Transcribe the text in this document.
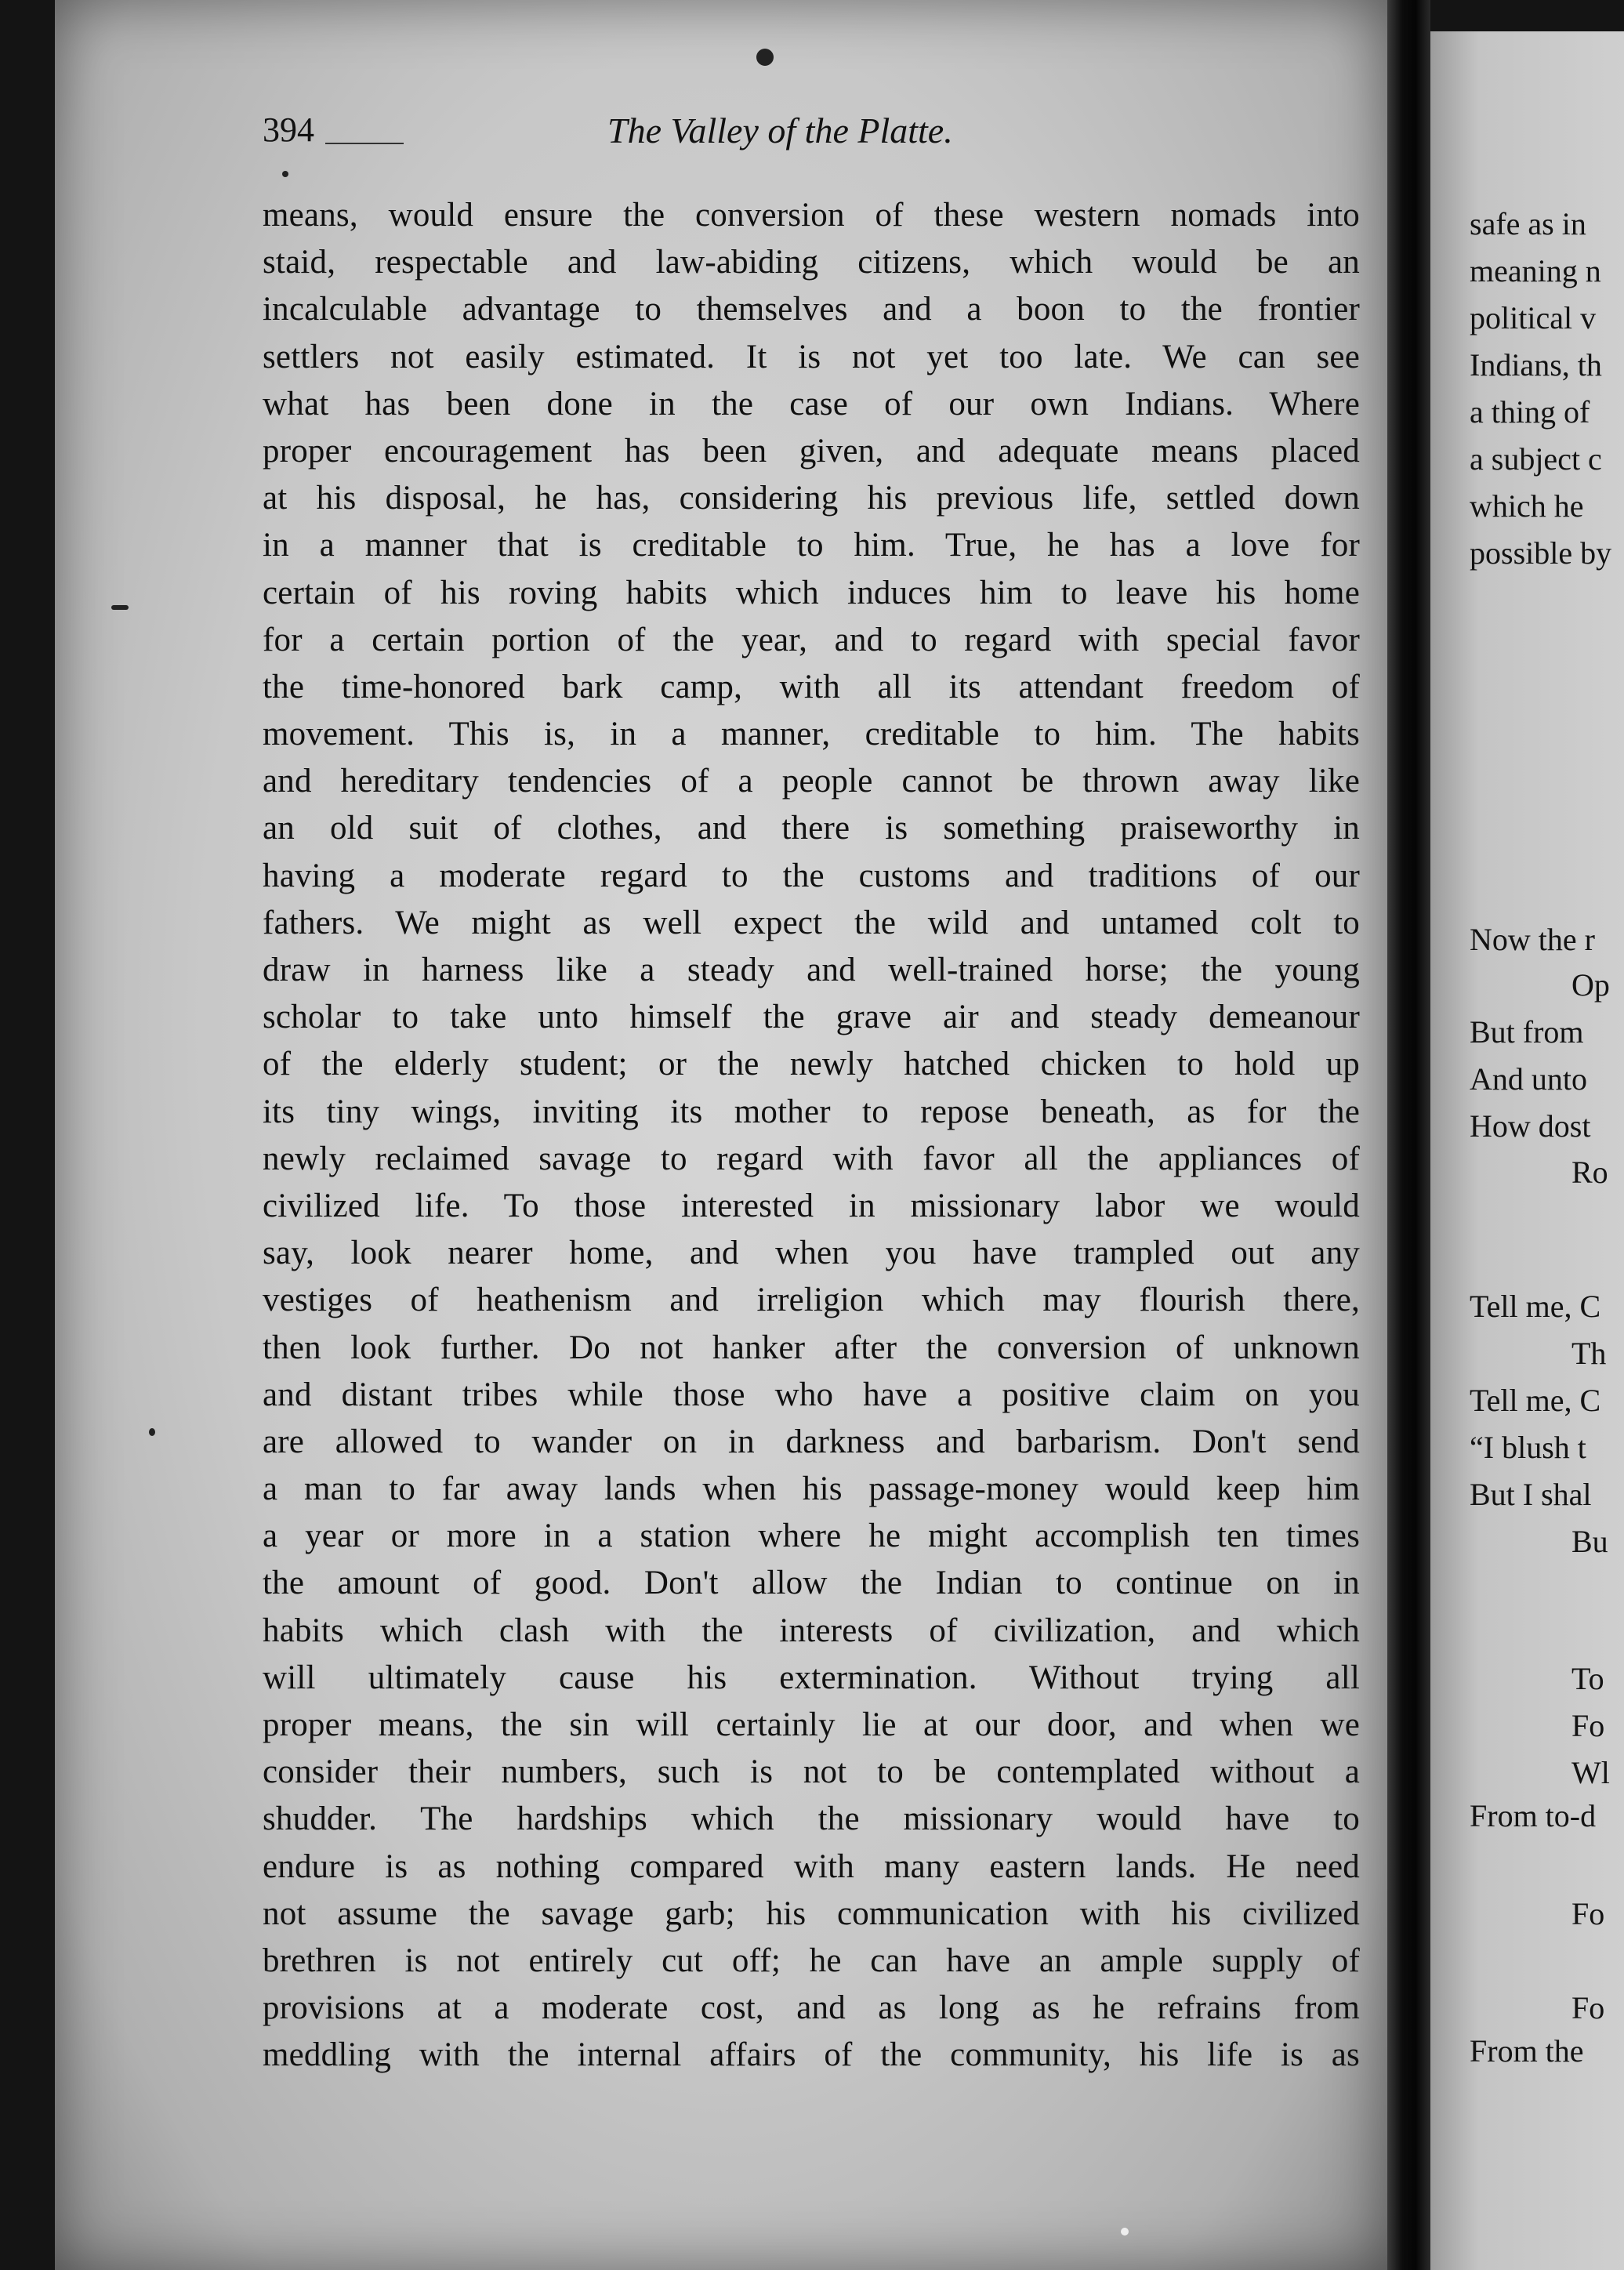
394	The Valley of the Platte.
means, would ensure the conversion of these western nomads into
staid, respectable and law-abiding citizens, which would be an
incalculable advantage to themselves and a boon to the frontier
settlers not easily estimated. It is not yet too late. We can see
what has been done in the case of our own Indians. Where
proper encouragement has been given, and adequate means placed
at his disposal, he has, considering his previous life, settled down
in a manner that is creditable to him. True, he has a love for
certain of his roving habits which induces him to leave his home
for a certain portion of the year, and to regard with special favor
the time-honored bark camp, with all its attendant freedom of
movement. This is, in a manner, creditable to him. The habits
and hereditary tendencies of a people cannot be thrown away like
an old suit of clothes, and there is something praiseworthy in
having a moderate regard to the customs and traditions of our
fathers. We might as well expect the wild and untamed colt to
draw in harness like a steady and well-trained horse; the young
scholar to take unto himself the grave air and steady demeanour
of the elderly student; or the newly hatched chicken to hold up
its tiny wings, inviting its mother to repose beneath, as for the
newly reclaimed savage to regard with favor all the appliances of
civilized life. To those interested in missionary labor we would
say, look nearer home, and when you have trampled out any
vestiges of heathenism and irreligion which may flourish there,
then look further. Do not hanker after the conversion of unknown
and distant tribes while those who have a positive claim on you
are allowed to wander on in darkness and barbarism. Don't send
a man to far away lands when his passage-money would keep him
a year or more in a station where he might accomplish ten times
the amount of good. Don't allow the Indian to continue on in
habits which clash with the interests of civilization, and which
will ultimately cause his extermination. Without trying all
proper means, the sin will certainly lie at our door, and when we
consider their numbers, such is not to be contemplated without a
shudder. The hardships which the missionary would have to
endure is as nothing compared with many eastern lands. He need
not assume the savage garb; his communication with his civilized
brethren is not entirely cut off; he can have an ample supply of
provisions at a moderate cost, and as long as he refrains from
meddling with the internal affairs of the community, his life is as
safe as in
meaning n
political v
Indians, th
a thing of
a subject c
which he
possible by
Now the r
Op
But from
And unto
How dost
Ro
Tell me, C
Th
Tell me, C
“I blush t
But I shal
Bu
To
Fo
Wl
From to-d
Fo
Fo
From the
